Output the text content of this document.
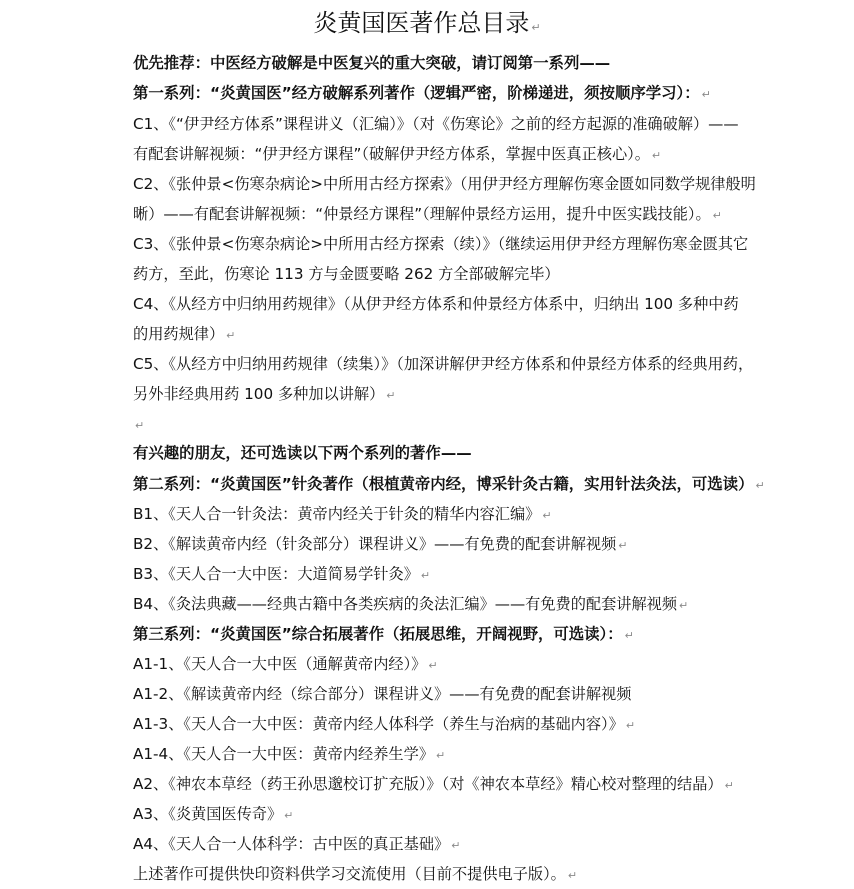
炎黄国医著作总目录 ↵
优先推荐：中医经方破解是中医复兴的重大突破，请订阅第一系列——
第一系列：“炎黄国医”经方破解系列著作（逻辑严密，阶梯递进，须按顺序学习）： ↵
C1、《“伊尹经方体系”课程讲义（汇编）》（对《伤寒论》之前的经方起源的准确破解）——
有配套讲解视频：“伊尹经方课程”（破解伊尹经方体系，掌握中医真正核心）。 ↵
C2、《张仲景<伤寒杂病论>中所用古经方探索》（用伊尹经方理解伤寒金匮如同数学规律般明
晰）——有配套讲解视频：“仲景经方课程”（理解仲景经方运用，提升中医实践技能）。 ↵
C3、《张仲景<伤寒杂病论>中所用古经方探索（续）》（继续运用伊尹经方理解伤寒金匮其它
药方，至此，伤寒论 113 方与金匮要略 262 方全部破解完毕）
C4、《从经方中归纳用药规律》（从伊尹经方体系和仲景经方体系中，归纳出 100 多种中药
的用药规律） ↵
C5、《从经方中归纳用药规律（续集）》（加深讲解伊尹经方体系和仲景经方体系的经典用药，
另外非经典用药 100 多种加以讲解） ↵
↵
有兴趣的朋友，还可选读以下两个系列的著作——
第二系列：“炎黄国医”针灸著作（根植黄帝内经，博采针灸古籍，实用针法灸法，可选读） ↵
B1、《天人合一针灸法：黄帝内经关于针灸的精华内容汇编》 ↵
B2、《解读黄帝内经（针灸部分）课程讲义》——有免费的配套讲解视频 ↵
B3、《天人合一大中医：大道简易学针灸》 ↵
B4、《灸法典藏——经典古籍中各类疾病的灸法汇编》——有免费的配套讲解视频 ↵
第三系列：“炎黄国医”综合拓展著作（拓展思维，开阔视野，可选读）： ↵
A1-1、《天人合一大中医（通解黄帝内经）》 ↵
A1-2、《解读黄帝内经（综合部分）课程讲义》——有免费的配套讲解视频
A1-3、《天人合一大中医：黄帝内经人体科学（养生与治病的基础内容）》 ↵
A1-4、《天人合一大中医：黄帝内经养生学》 ↵
A2、《神农本草经（药王孙思邈校订扩充版）》（对《神农本草经》精心校对整理的结晶） ↵
A3、《炎黄国医传奇》 ↵
A4、《天人合一人体科学：古中医的真正基础》 ↵
上述著作可提供快印资料供学习交流使用（目前不提供电子版）。 ↵
